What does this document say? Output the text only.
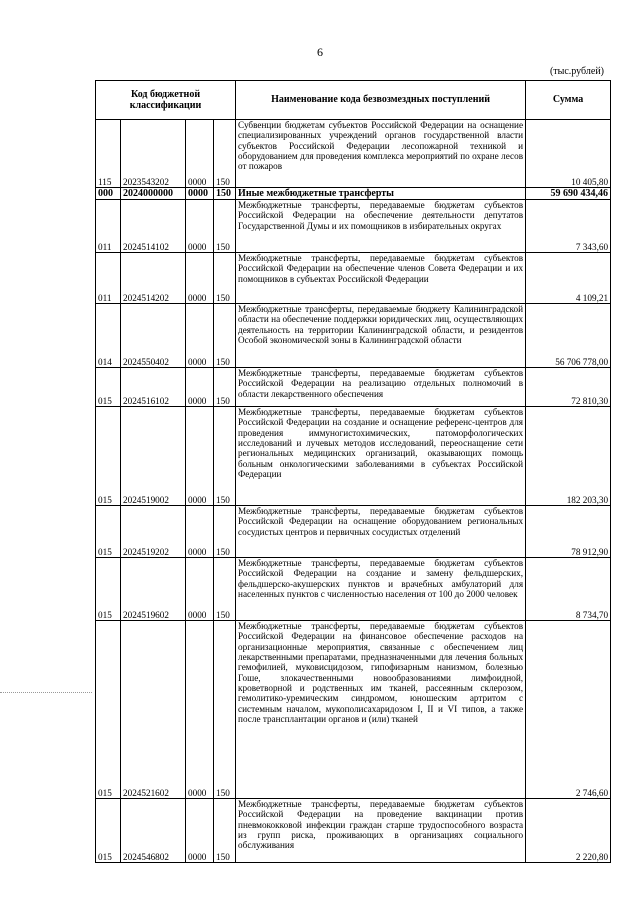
6
(тыс.рублей)
Код бюджетной классификации				Наименование кода безвозмездных поступлений	Сумма
115	2023543202	0000	150	Субвенции бюджетам субъектов Российской Федерации на оснащение специализированных учреждений органов государственной власти субъектов Российской Федерации лесопожарной техникой и оборудованием для проведения комплекса мероприятий по охране лесов от пожаров	10 405,80
000	2024000000	0000	150	Иные межбюджетные трансферты	59 690 434,46
011	2024514102	0000	150	Межбюджетные трансферты, передаваемые бюджетам субъектов Российской Федерации на обеспечение деятельности депутатов Государственной Думы и их помощников в избирательных округах	7 343,60
011	2024514202	0000	150	Межбюджетные трансферты, передаваемые бюджетам субъектов Российской Федерации на обеспечение членов Совета Федерации и их помощников в субъектах Российской Федерации	4 109,21
014	2024550402	0000	150	Межбюджетные трансферты, передаваемые бюджету Калининградской области на обеспечение поддержки юридических лиц, осуществляющих деятельность на территории Калининградской области, и резидентов Особой экономической зоны в Калининградской области	56 706 778,00
015	2024516102	0000	150	Межбюджетные трансферты, передаваемые бюджетам субъектов Российской Федерации на реализацию отдельных полномочий в области лекарственного обеспечения	72 810,30
015	2024519002	0000	150	Межбюджетные трансферты, передаваемые бюджетам субъектов Российской Федерации на создание и оснащение референс-центров для проведения иммуногистохимических, патоморфологических исследований и лучевых методов исследований, переоснащение сети региональных медицинских организаций, оказывающих помощь больным онкологическими заболеваниями в субъектах Российской Федерации	182 203,30
015	2024519202	0000	150	Межбюджетные трансферты, передаваемые бюджетам субъектов Российской Федерации на оснащение оборудованием региональных сосудистых центров и первичных сосудистых отделений	78 912,90
015	2024519602	0000	150	Межбюджетные трансферты, передаваемые бюджетам субъектов Российской Федерации на создание и замену фельдшерских, фельдшерско-акушерских пунктов и врачебных амбулаторий для населенных пунктов с численностью населения от 100 до 2000 человек	8 734,70
015	2024521602	0000	150	Межбюджетные трансферты, передаваемые бюджетам субъектов Российской Федерации на финансовое обеспечение расходов на организационные мероприятия, связанные с обеспечением лиц лекарственными препаратами, предназначенными для лечения больных гемофилией, муковисцидозом, гипофизарным нанизмом, болезнью Гоше, злокачественными новообразованиями лимфоидной, кроветворной и родственных им тканей, рассеянным склерозом, гемолитико-уремическим синдромом, юношеским артритом с системным началом, мукополисахаридозом I, II и VI типов, а также после трансплантации органов и (или) тканей	2 746,60
015	2024546802	0000	150	Межбюджетные трансферты, передаваемые бюджетам субъектов Российской Федерации на проведение вакцинации против пневмококковой инфекции граждан старше трудоспособного возраста из групп риска, проживающих в организациях социального обслуживания	2 220,80
